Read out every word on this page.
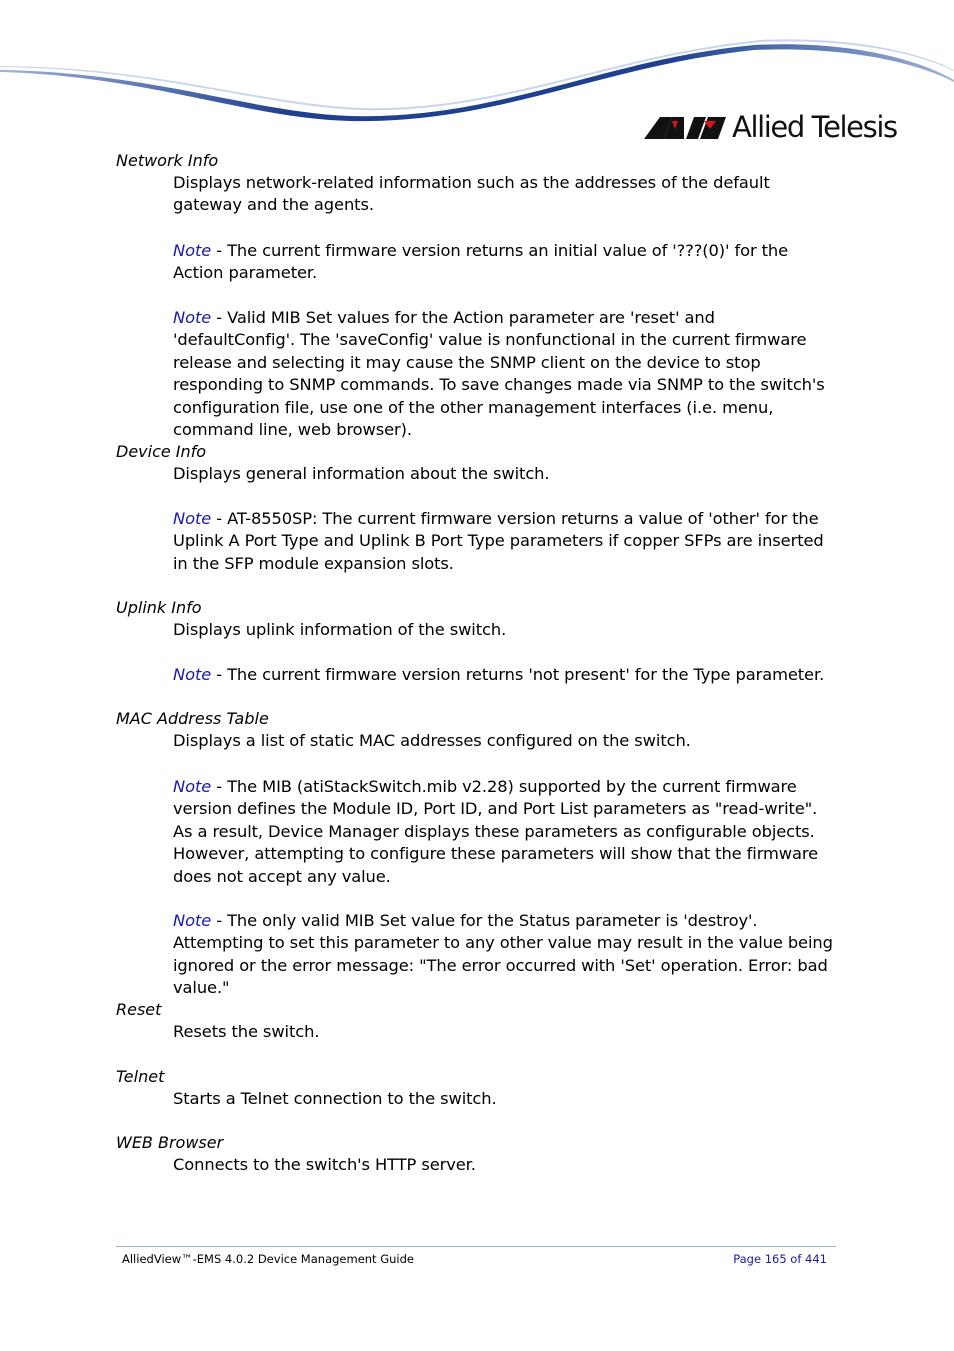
Allied Telesis
Network Info
Displays network-related information such as the addresses of the default gateway and the agents.
Note - The current firmware version returns an initial value of '???(0)' for the Action parameter.
Note - Valid MIB Set values for the Action parameter are 'reset' and 'defaultConfig'. The 'saveConfig' value is nonfunctional in the current firmware release and selecting it may cause the SNMP client on the device to stop responding to SNMP commands. To save changes made via SNMP to the switch's configuration file, use one of the other management interfaces (i.e. menu, command line, web browser).
Device Info
Displays general information about the switch.
Note - AT-8550SP: The current firmware version returns a value of 'other' for the Uplink A Port Type and Uplink B Port Type parameters if copper SFPs are inserted in the SFP module expansion slots.
Uplink Info
Displays uplink information of the switch.
Note - The current firmware version returns 'not present' for the Type parameter.
MAC Address Table
Displays a list of static MAC addresses configured on the switch.
Note - The MIB (atiStackSwitch.mib v2.28) supported by the current firmware version defines the Module ID, Port ID, and Port List parameters as "read-write". As a result, Device Manager displays these parameters as configurable objects. However, attempting to configure these parameters will show that the firmware does not accept any value.
Note - The only valid MIB Set value for the Status parameter is 'destroy'. Attempting to set this parameter to any other value may result in the value being ignored or the error message: "The error occurred with 'Set' operation. Error: bad value."
Reset
Resets the switch.
Telnet
Starts a Telnet connection to the switch.
WEB Browser
Connects to the switch's HTTP server.
AlliedView™-EMS 4.0.2 Device Management Guide	Page 165 of 441
